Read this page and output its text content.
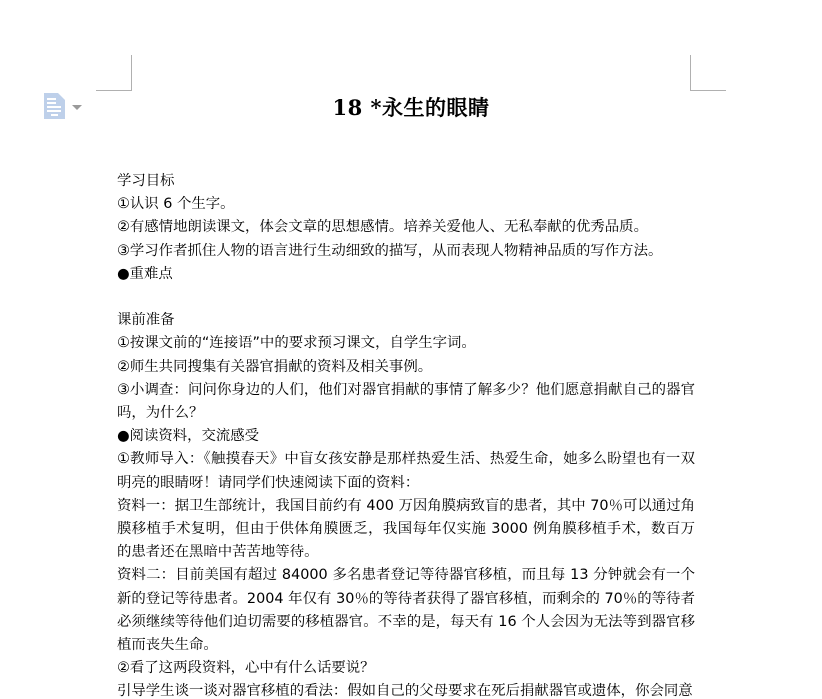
18 *永生的眼睛

学习目标

①认识 6 个生字。

②有感情地朗读课文，体会文章的思想感情。培养关爱他人、无私奉献的优秀品质。

③学习作者抓住人物的语言进行生动细致的描写，从而表现人物精神品质的写作方法。

●重难点

课前准备

①按课文前的“连接语”中的要求预习课文，自学生字词。

②师生共同搜集有关器官捐献的资料及相关事例。

③小调查：问问你身边的人们，他们对器官捐献的事情了解多少？他们愿意捐献自己的器官吗，为什么？

●阅读资料，交流感受

①教师导入：《触摸春天》中盲女孩安静是那样热爱生活、热爱生命，她多么盼望也有一双明亮的眼睛呀！请同学们快速阅读下面的资料：

资料一：据卫生部统计，我国目前约有 400 万因角膜病致盲的患者，其中 70％可以通过角膜移植手术复明，但由于供体角膜匮乏，我国每年仅实施 3000 例角膜移植手术，数百万的患者还在黑暗中苦苦地等待。

资料二：目前美国有超过 84000 多名患者登记等待器官移植，而且每 13 分钟就会有一个新的登记等待患者。2004 年仅有 30％的等待者获得了器官移植，而剩余的 70％的等待者必须继续等待他们迫切需要的移植器官。不幸的是，每天有 16 个人会因为无法等到器官移植而丧失生命。

②看了这两段资料，心中有什么话要说？

引导学生谈一谈对器官移植的看法：假如自己的父母要求在死后捐献器官或遗体，你会同意
